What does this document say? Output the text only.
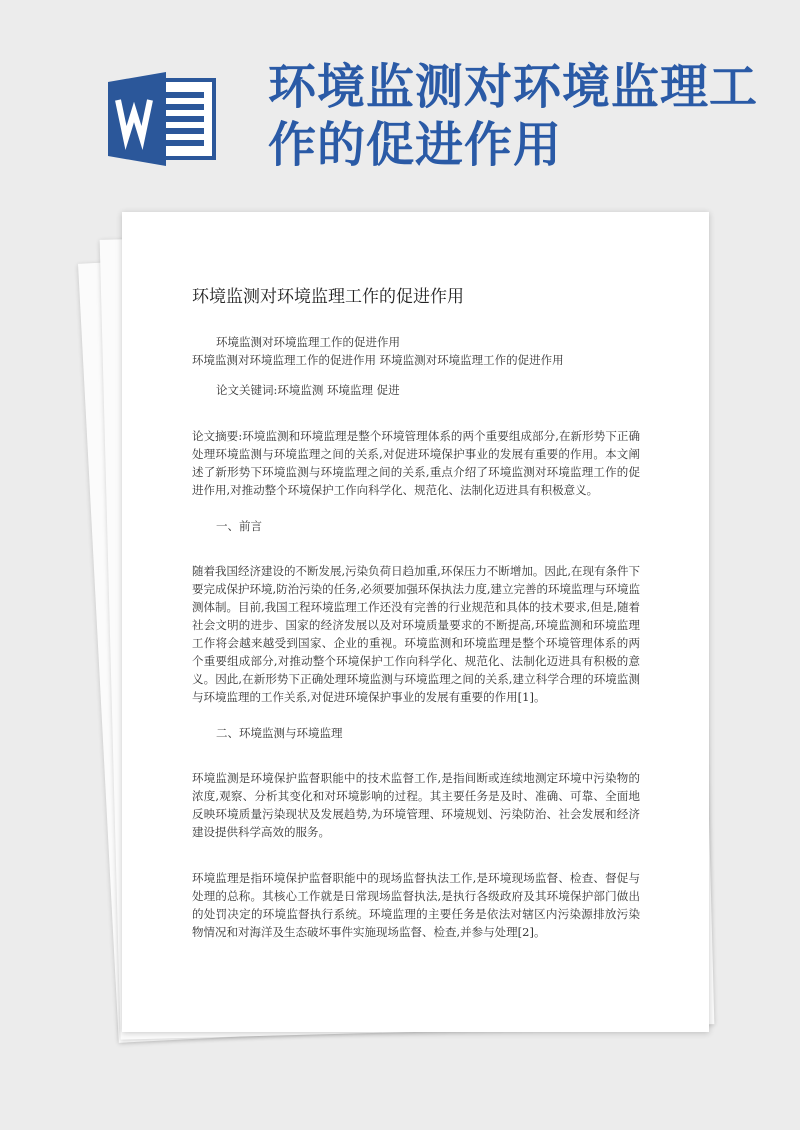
环境监测对环境监理工作的促进作用
环境监测对环境监理工作的促进作用

环境监测对环境监理工作的促进作用

环境监测对环境监理工作的促进作用 环境监测对环境监理工作的促进作用

论文关键词:环境监测 环境监理 促进

论文摘要:环境监测和环境监理是整个环境管理体系的两个重要组成部分,在新形势下正确处理环境监测与环境监理之间的关系,对促进环境保护事业的发展有重要的作用。本文阐述了新形势下环境监测与环境监理之间的关系,重点介绍了环境监测对环境监理工作的促进作用,对推动整个环境保护工作向科学化、规范化、法制化迈进具有积极意义。

一、前言

随着我国经济建设的不断发展,污染负荷日趋加重,环保压力不断增加。因此,在现有条件下要完成保护环境,防治污染的任务,必须要加强环保执法力度,建立完善的环境监理与环境监测体制。目前,我国工程环境监理工作还没有完善的行业规范和具体的技术要求,但是,随着社会文明的进步、国家的经济发展以及对环境质量要求的不断提高,环境监测和环境监理工作将会越来越受到国家、企业的重视。环境监测和环境监理是整个环境管理体系的两个重要组成部分,对推动整个环境保护工作向科学化、规范化、法制化迈进具有积极的意义。因此,在新形势下正确处理环境监测与环境监理之间的关系,建立科学合理的环境监测与环境监理的工作关系,对促进环境保护事业的发展有重要的作用[1]。

二、环境监测与环境监理

环境监测是环境保护监督职能中的技术监督工作,是指间断或连续地测定环境中污染物的浓度,观察、分析其变化和对环境影响的过程。其主要任务是及时、准确、可靠、全面地反映环境质量污染现状及发展趋势,为环境管理、环境规划、污染防治、社会发展和经济建设提供科学高效的服务。

环境监理是指环境保护监督职能中的现场监督执法工作,是环境现场监督、检查、督促与处理的总称。其核心工作就是日常现场监督执法,是执行各级政府及其环境保护部门做出的处罚决定的环境监督执行系统。环境监理的主要任务是依法对辖区内污染源排放污染物情况和对海洋及生态破坏事件实施现场监督、检查,并参与处理[2]。
